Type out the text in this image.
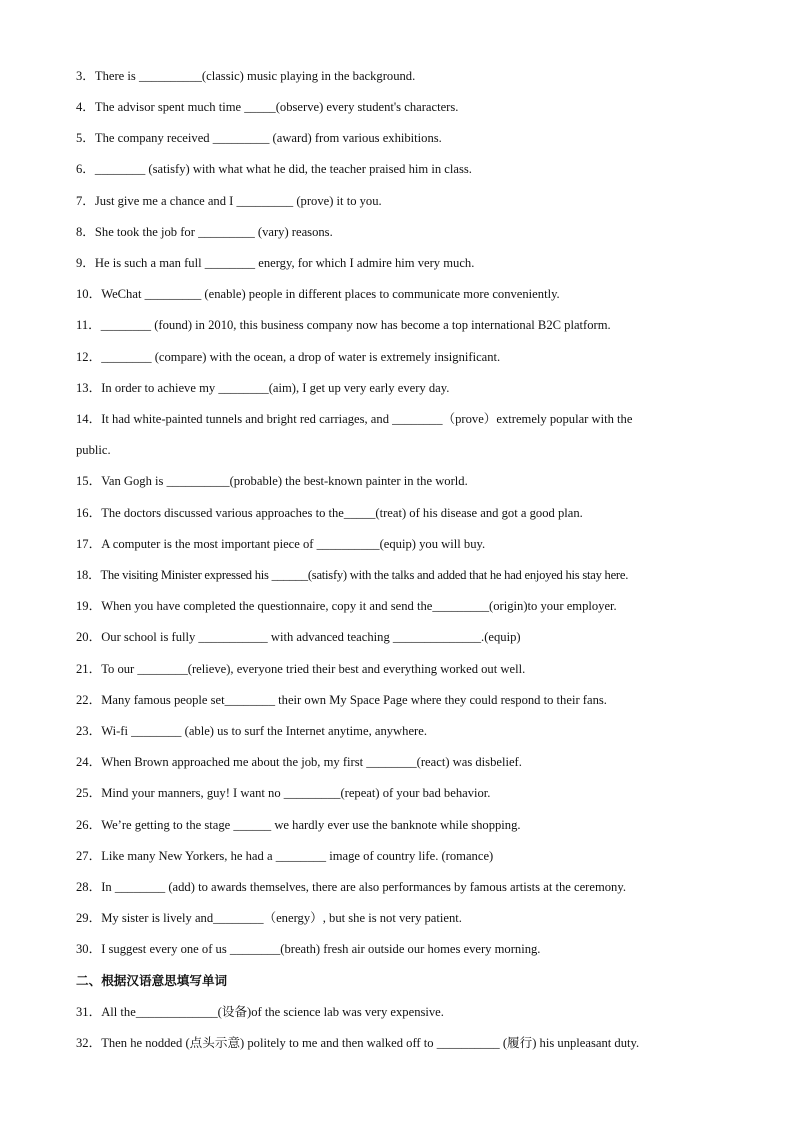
3．There is __________(classic) music playing in the background.
4．The advisor spent much time _____(observe) every student's characters.
5．The company received _________ (award) from various exhibitions.
6．________ (satisfy) with what what he did, the teacher praised him in class.
7．Just give me a chance and I _________ (prove) it to you.
8．She took the job for _________ (vary) reasons.
9．He is such a man full ________ energy, for which I admire him very much.
10．WeChat _________ (enable) people in different places to communicate more conveniently.
11．________ (found) in 2010, this business company now has become a top international B2C platform.
12．________ (compare) with the ocean, a drop of water is extremely insignificant.
13．In order to achieve my ________(aim), I get up very early every day.
14．It had white-painted tunnels and bright red carriages, and ________（prove）extremely popular with the
public.
15．Van Gogh is __________(probable) the best-known painter in the world.
16．The doctors discussed various approaches to the_____(treat) of his disease and got a good plan.
17．A computer is the most important piece of __________(equip) you will buy.
18．The visiting Minister expressed his ______(satisfy) with the talks and added that he had enjoyed his stay here.
19．When you have completed the questionnaire, copy it and send the_________(origin)to your employer.
20．Our school is fully ___________ with advanced teaching ______________.(equip)
21．To our ________(relieve), everyone tried their best and everything worked out well.
22．Many famous people set________ their own My Space Page where they could respond to their fans.
23．Wi-fi ________ (able) us to surf the Internet anytime, anywhere.
24．When Brown approached me about the job, my first ________(react) was disbelief.
25．Mind your manners, guy! I want no _________(repeat) of your bad behavior.
26．We’re getting to the stage ______ we hardly ever use the banknote while shopping.
27．Like many New Yorkers, he had a ________ image of country life. (romance)
28．In ________ (add) to awards themselves, there are also performances by famous artists at the ceremony.
29．My sister is lively and________（energy）, but she is not very patient.
30．I suggest every one of us ________(breath) fresh air outside our homes every morning.
二、根据汉语意思填写单词
31．All the_____________(设备)of the science lab was very expensive.
32．Then he nodded (点头示意) politely to me and then walked off to __________ (履行) his unpleasant duty.
